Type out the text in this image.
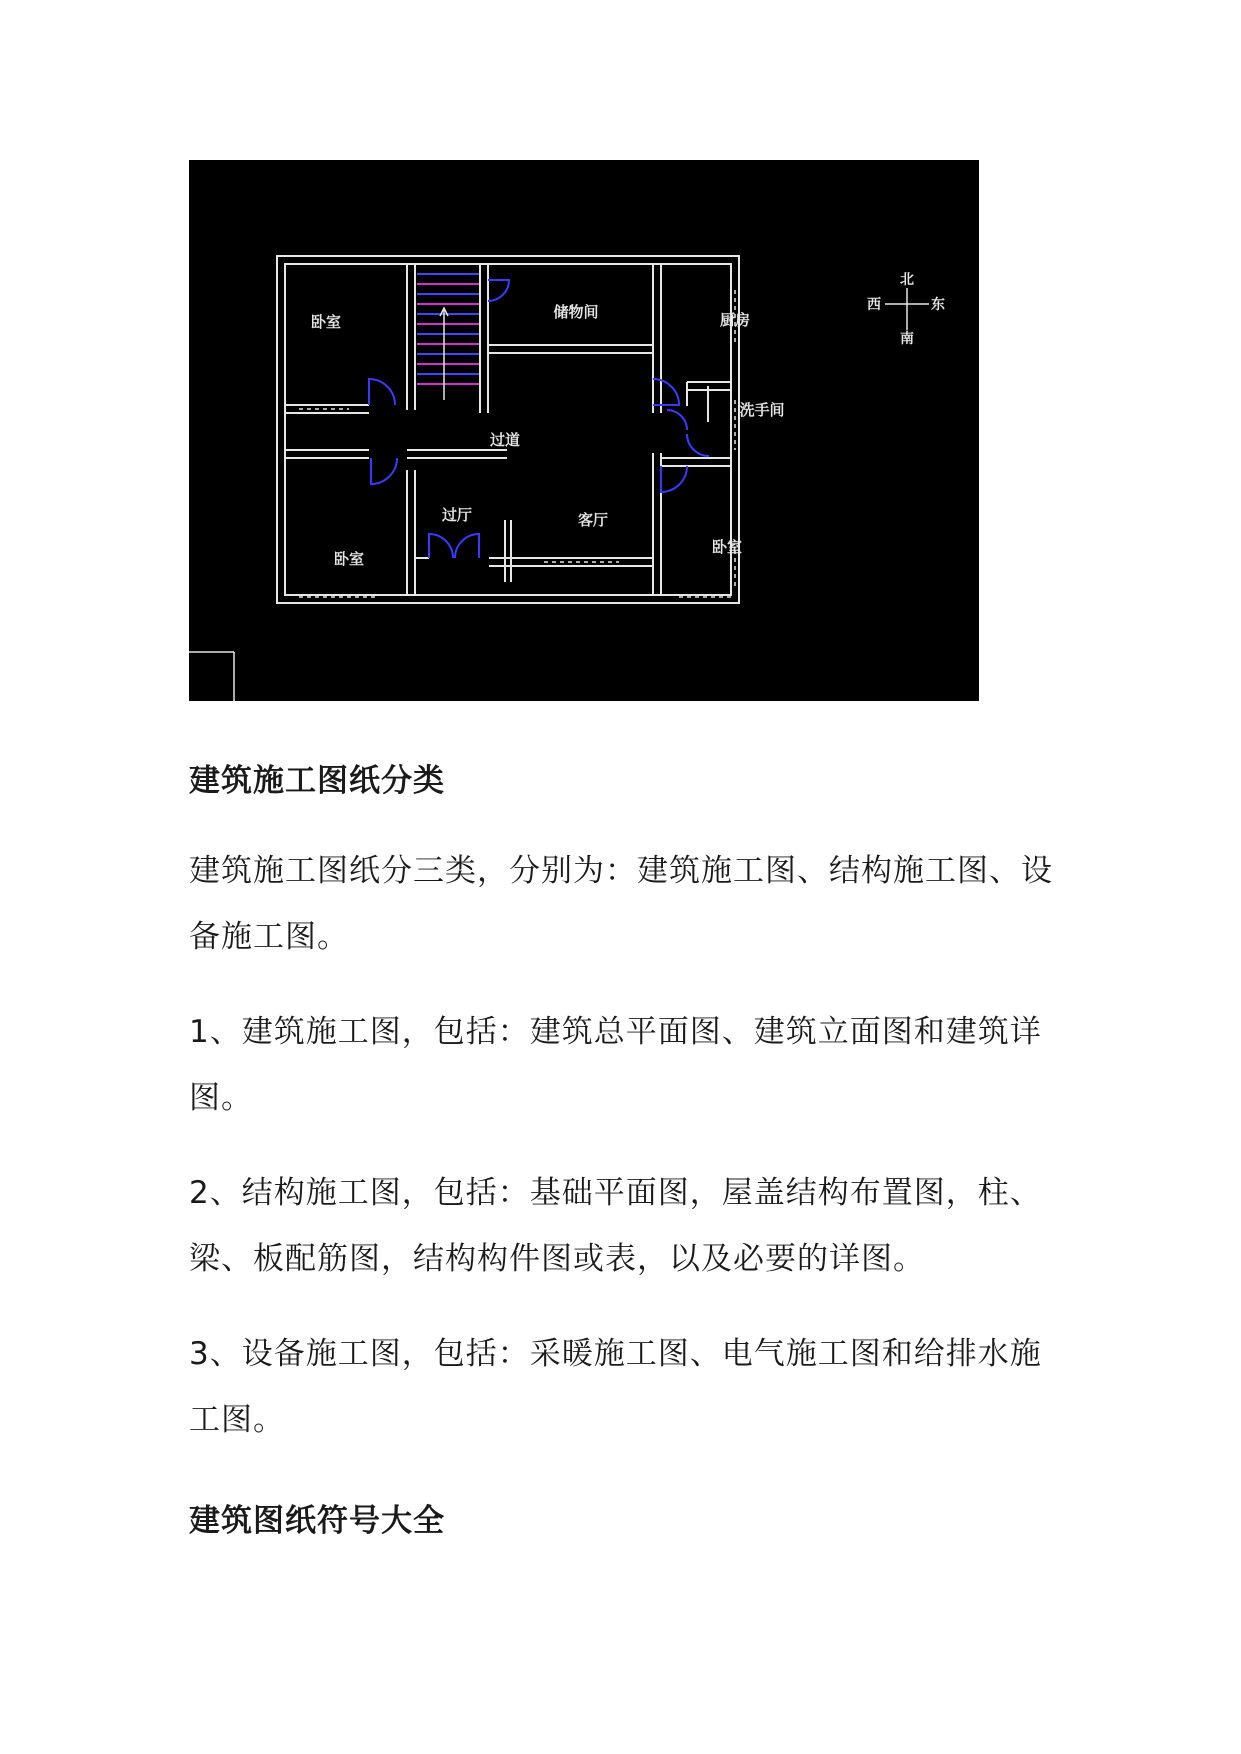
卧室
储物间	厨房
洗手间
过道
过厅	客厅
卧室
卧室
北
南
东
西
建筑施工图纸分类

建筑施工图纸分三类，分别为：建筑施工图、结构施工图、设备施工图。

1、建筑施工图，包括：建筑总平面图、建筑立面图和建筑详图。

2、结构施工图，包括：基础平面图，屋盖结构布置图，柱、梁、板配筋图，结构构件图或表，以及必要的详图。

3、设备施工图，包括：采暖施工图、电气施工图和给排水施工图。

建筑图纸符号大全
